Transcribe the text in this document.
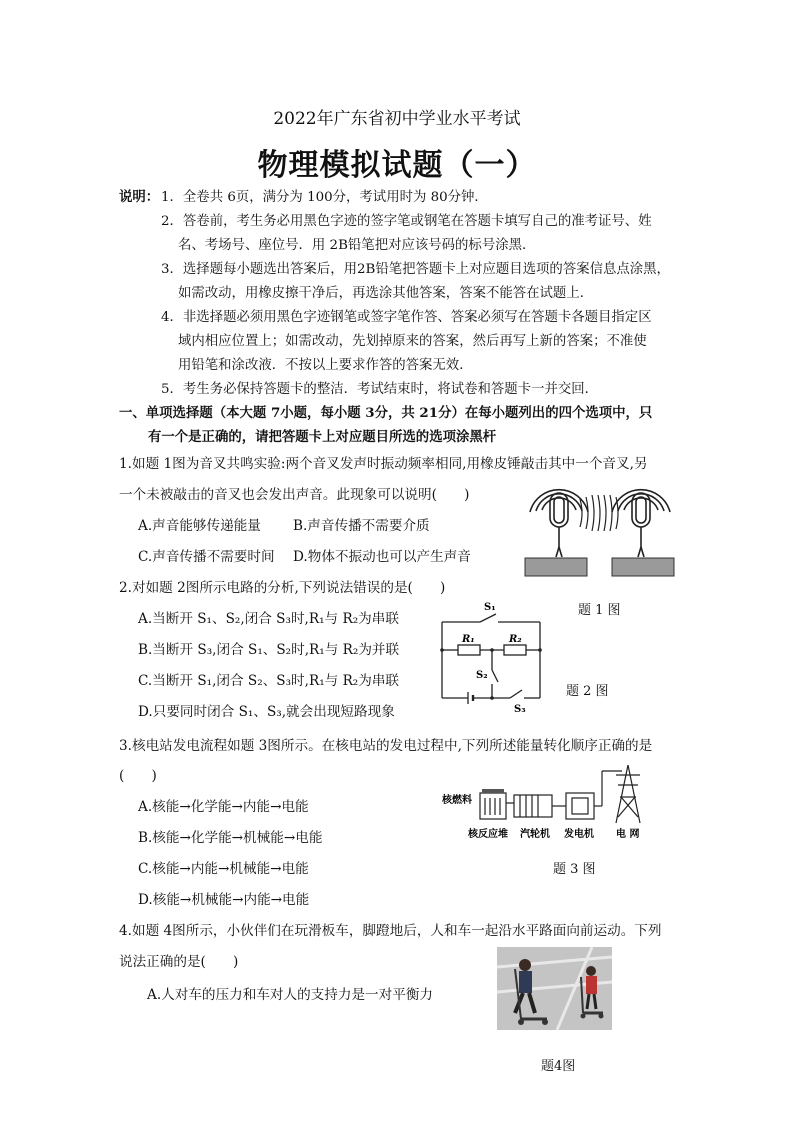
2022年广东省初中学业水平考试
物理模拟试题（一）
说明： 1．全卷共 6页，满分为 100分，考试用时为 80分钟．
2．答卷前，考生务必用黑色字迹的签字笔或钢笔在答题卡填写自己的准考证号、姓
名、考场号、座位号．用 2B铅笔把对应该号码的标号涂黑．
3．选择题每小题选出答案后，用2B铅笔把答题卡上对应题目选项的答案信息点涂黑，
如需改动，用橡皮擦干净后，再选涂其他答案，答案不能答在试题上．
4．非选择题必须用黑色字迹钢笔或签字笔作答、答案必须写在答题卡各题目指定区
域内相应位置上；如需改动，先划掉原来的答案，然后再写上新的答案；不准使
用铅笔和涂改液．不按以上要求作答的答案无效．
5．考生务必保持答题卡的整洁．考试结束时，将试卷和答题卡一并交回．
一、单项选择题（本大题 7小题，每小题 3分，共 21分）在每小题列出的四个选项中，只
有一个是正确的，请把答题卡上对应题目所选的选项涂黑杆
1.如题 1图为音叉共鸣实验:两个音叉发声时振动频率相同,用橡皮锤敲击其中一个音叉,另
一个未被敲击的音叉也会发出声音。此现象可以说明(　　)
A.声音能够传递能量 B.声音传播不需要介质
C.声音传播不需要时间 D.物体不振动也可以产生声音
题 1 图
2.对如题 2图所示电路的分析,下列说法错误的是(　　)
A.当断开 S₁、S₂,闭合 S₃时,R₁与 R₂为串联
B.当断开 S₃,闭合 S₁、S₂时,R₁与 R₂为并联
C.当断开 S₁,闭合 S₂、S₃时,R₁与 R₂为串联
D.只要同时闭合 S₁、S₃,就会出现短路现象
S₁
R₁	R₂
S₂
S₃
题 2 图
3.核电站发电流程如题 3图所示。在核电站的发电过程中,下列所述能量转化顺序正确的是
(　　)
A.核能→化学能→内能→电能
B.核能→化学能→机械能→电能
C.核能→内能→机械能→电能
D.核能→机械能→内能→电能
核燃料
核反应堆 汽轮机 发电机 电 网
题 3 图
4.如题 4图所示，小伙伴们在玩滑板车，脚蹬地后，人和车一起沿水平路面向前运动。下列
说法正确的是(　　)
A.人对车的压力和车对人的支持力是一对平衡力
题4图
